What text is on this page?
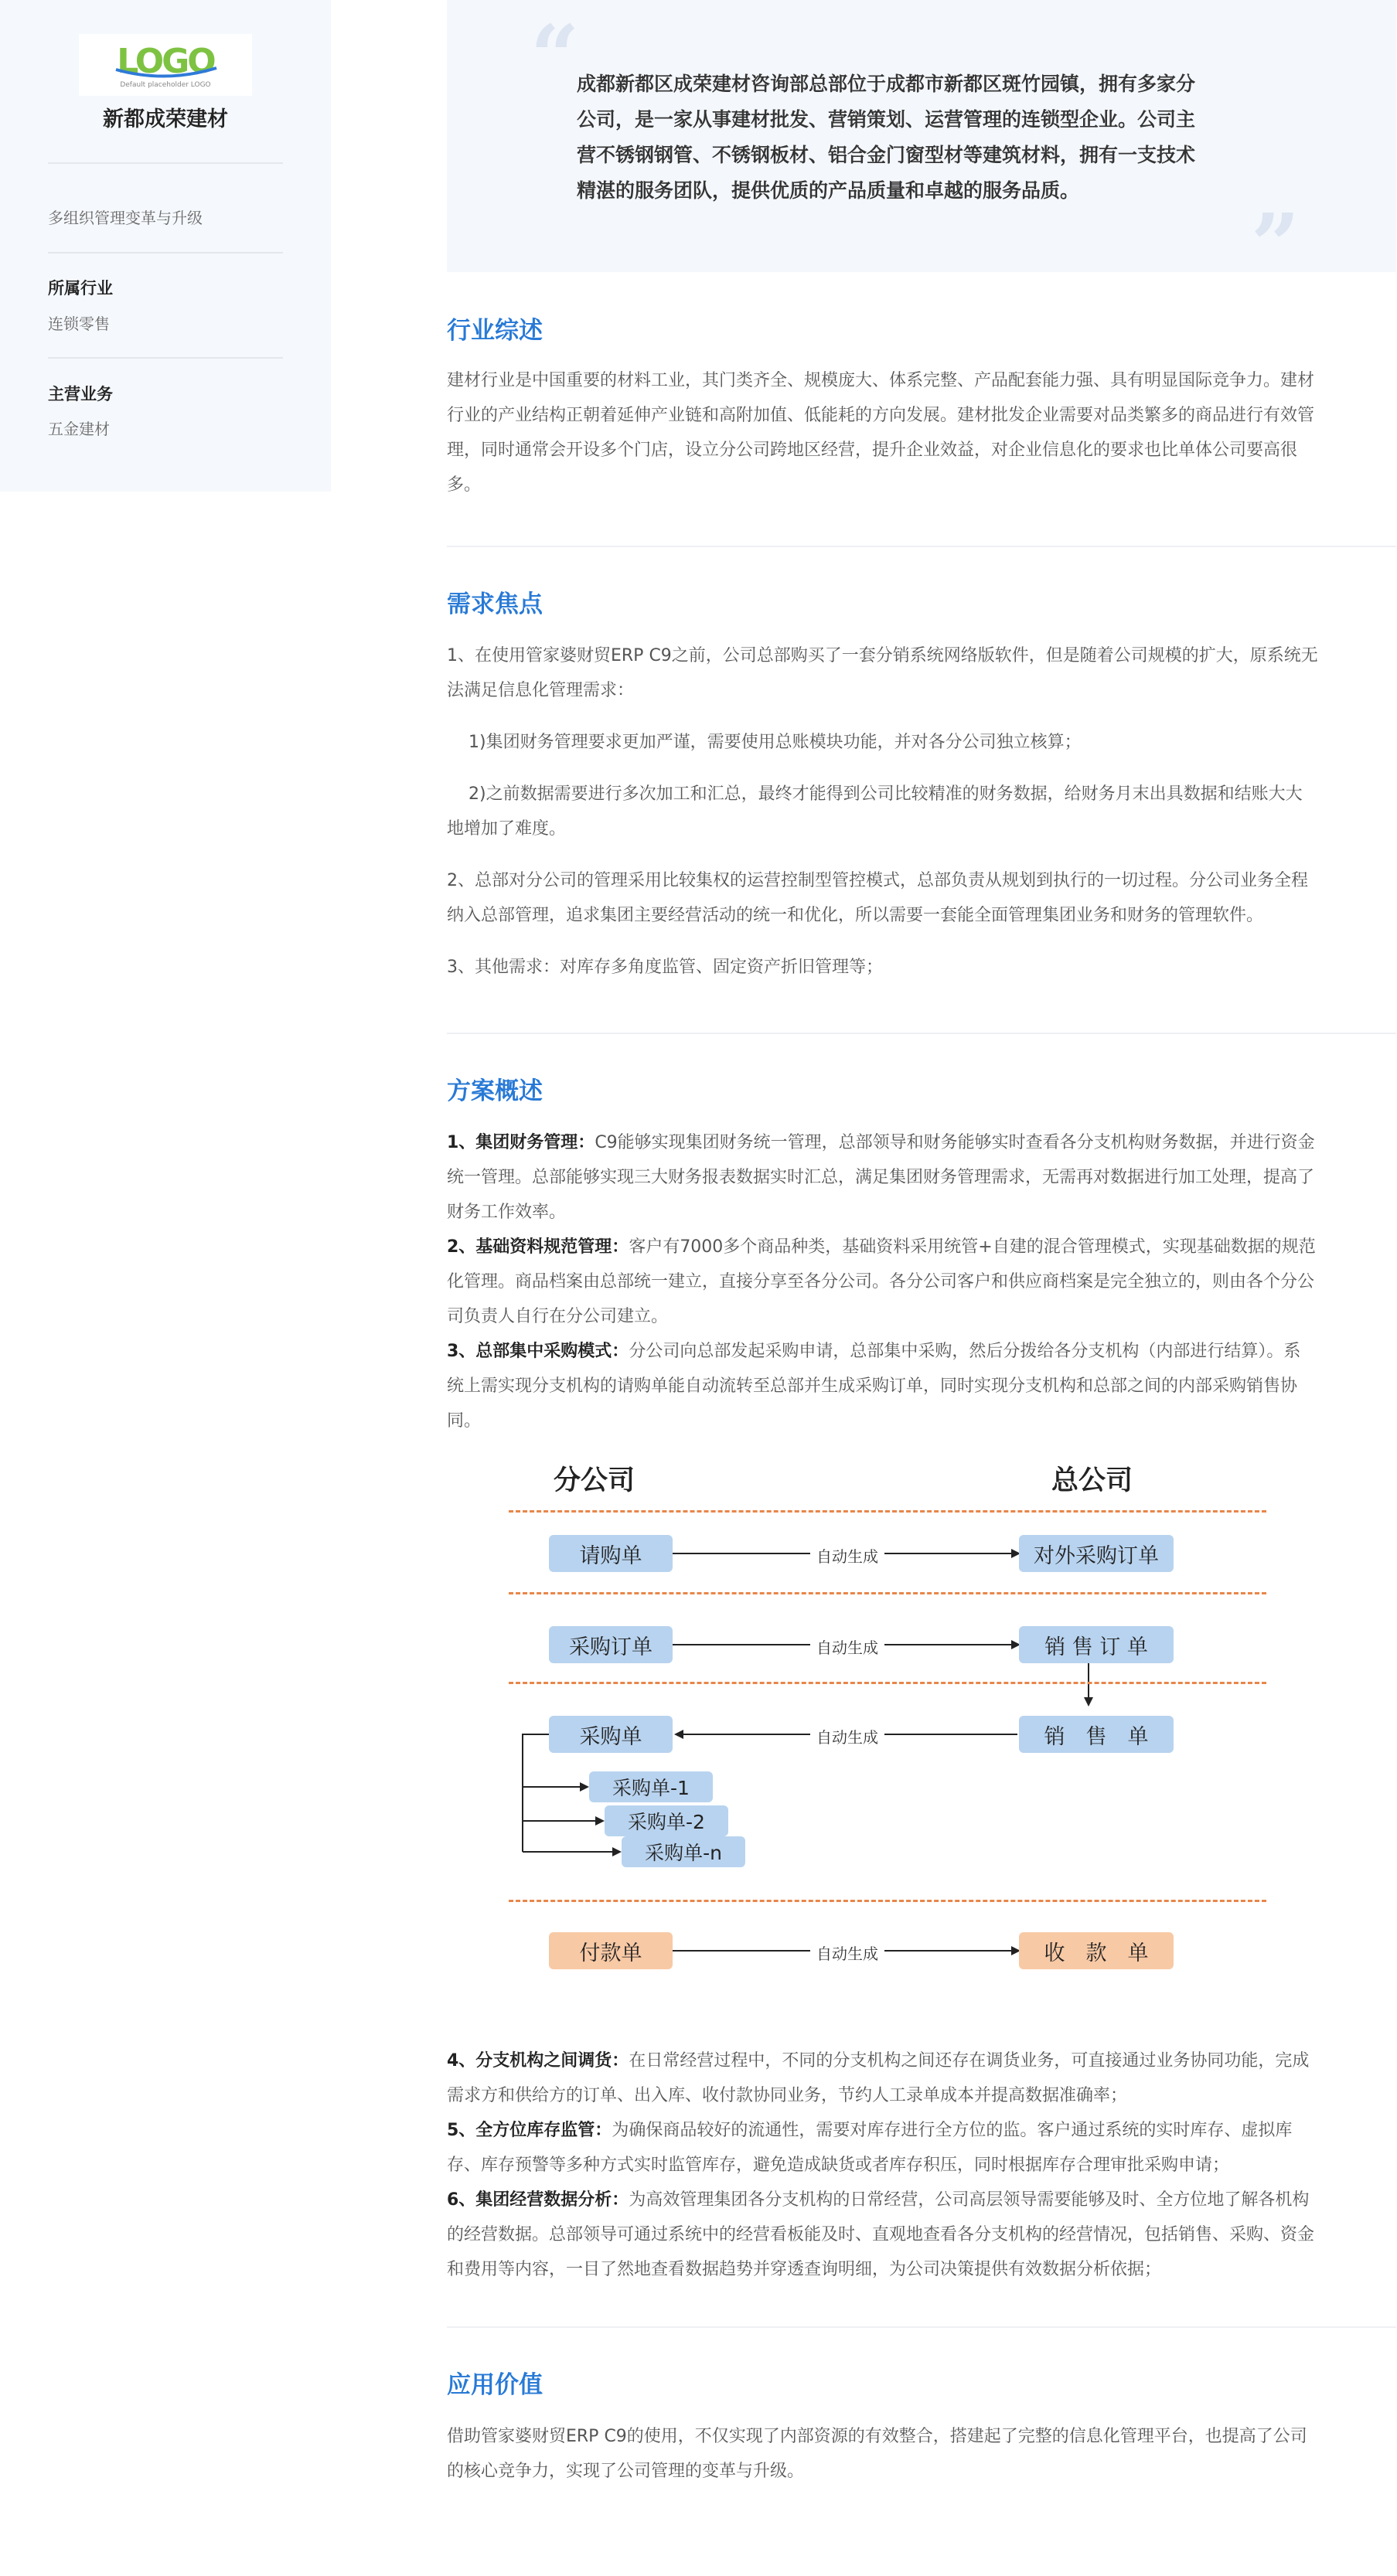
LOGO
Default placeholder LOGO
新都成荣建材
多组织管理变革与升级
所属行业
连锁零售
主营业务
五金建材
“
”
成都新都区成荣建材咨询部总部位于成都市新都区斑竹园镇，拥有多家分
公司，是一家从事建材批发、营销策划、运营管理的连锁型企业。公司主
营不锈钢钢管、不锈钢板材、铝合金门窗型材等建筑材料，拥有一支技术
精湛的服务团队，提供优质的产品质量和卓越的服务品质。
行业综述
建材行业是中国重要的材料工业，其门类齐全、规模庞大、体系完整、产品配套能力强、具有明显国际竞争力。建材
行业的产业结构正朝着延伸产业链和高附加值、低能耗的方向发展。建材批发企业需要对品类繁多的商品进行有效管
理，同时通常会开设多个门店，设立分公司跨地区经营，提升企业效益，对企业信息化的要求也比单体公司要高很
多。
需求焦点
1、在使用管家婆财贸ERP C9之前，公司总部购买了一套分销系统网络版软件，但是随着公司规模的扩大，原系统无
法满足信息化管理需求：
1)集团财务管理要求更加严谨，需要使用总账模块功能，并对各分公司独立核算；
2)之前数据需要进行多次加工和汇总，最终才能得到公司比较精准的财务数据，给财务月末出具数据和结账大大
地增加了难度。
2、总部对分公司的管理采用比较集权的运营控制型管控模式，总部负责从规划到执行的一切过程。分公司业务全程
纳入总部管理，追求集团主要经营活动的统一和优化，所以需要一套能全面管理集团业务和财务的管理软件。
3、其他需求：对库存多角度监管、固定资产折旧管理等；
方案概述
1、集团财务管理：C9能够实现集团财务统一管理，总部领导和财务能够实时查看各分支机构财务数据，并进行资金
统一管理。总部能够实现三大财务报表数据实时汇总，满足集团财务管理需求，无需再对数据进行加工处理，提高了
财务工作效率。
2、基础资料规范管理：客户有7000多个商品种类，基础资料采用统管+自建的混合管理模式，实现基础数据的规范
化管理。商品档案由总部统一建立，直接分享至各分公司。各分公司客户和供应商档案是完全独立的，则由各个分公
司负责人自行在分公司建立。
3、总部集中采购模式：分公司向总部发起采购申请，总部集中采购，然后分拨给各分支机构（内部进行结算）。系
统上需实现分支机构的请购单能自动流转至总部并生成采购订单，同时实现分支机构和总部之间的内部采购销售协
同。
分公司	总公司
请购单	自动生成	对外采购订单
采购订单	自动生成	销 售 订 单
采购单	自动生成	销　售　单
采购单-1
采购单-2
采购单-n
付款单	自动生成	收　款　单
4、分支机构之间调货：在日常经营过程中，不同的分支机构之间还存在调货业务，可直接通过业务协同功能，完成
需求方和供给方的订单、出入库、收付款协同业务，节约人工录单成本并提高数据准确率；
5、全方位库存监管：为确保商品较好的流通性，需要对库存进行全方位的监。客户通过系统的实时库存、虚拟库
存、库存预警等多种方式实时监管库存，避免造成缺货或者库存积压，同时根据库存合理审批采购申请；
6、集团经营数据分析：为高效管理集团各分支机构的日常经营，公司高层领导需要能够及时、全方位地了解各机构
的经营数据。总部领导可通过系统中的经营看板能及时、直观地查看各分支机构的经营情况，包括销售、采购、资金
和费用等内容，一目了然地查看数据趋势并穿透查询明细，为公司决策提供有效数据分析依据；
应用价值
借助管家婆财贸ERP C9的使用，不仅实现了内部资源的有效整合，搭建起了完整的信息化管理平台，也提高了公司
的核心竞争力，实现了公司管理的变革与升级。
